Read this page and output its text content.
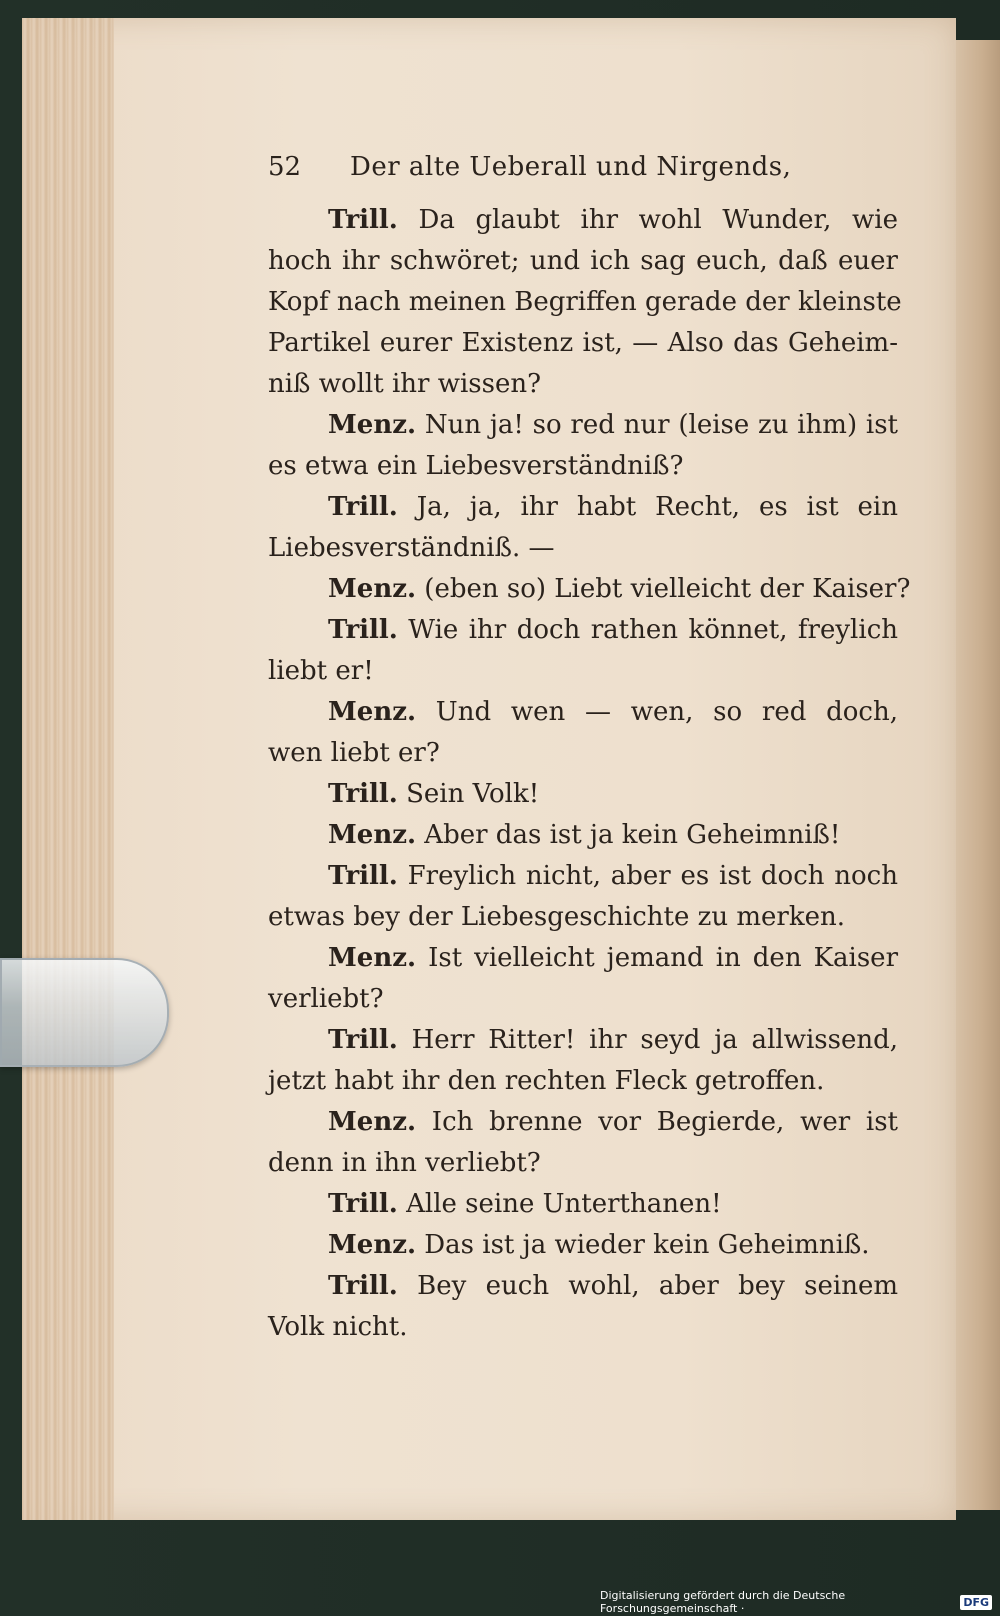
52 Der alte Ueberall und Nirgends,
Trill. Da glaubt ihr wohl Wunder, wie
hoch ihr schwöret; und ich sag euch, daß euer
Kopf nach meinen Begriffen gerade der kleinste
Partikel eurer Existenz ist, — Also das Geheim-
niß wollt ihr wissen?
Menz. Nun ja! so red nur (leise zu ihm) ist
es etwa ein Liebesverständniß?
Trill. Ja, ja, ihr habt Recht, es ist ein
Liebesverständniß. —
Menz. (eben so) Liebt vielleicht der Kaiser?
Trill. Wie ihr doch rathen könnet, freylich
liebt er!
Menz. Und wen — wen, so red doch,
wen liebt er?
Trill. Sein Volk!
Menz. Aber das ist ja kein Geheimniß!
Trill. Freylich nicht, aber es ist doch noch
etwas bey der Liebesgeschichte zu merken.
Menz. Ist vielleicht jemand in den Kaiser
verliebt?
Trill. Herr Ritter! ihr seyd ja allwissend,
jetzt habt ihr den rechten Fleck getroffen.
Menz. Ich brenne vor Begierde, wer ist
denn in ihn verliebt?
Trill. Alle seine Unterthanen!
Menz. Das ist ja wieder kein Geheimniß.
Trill. Bey euch wohl, aber bey seinem
Volk nicht.
Digitalisierung gefördert durch die Deutsche Forschungsgemeinschaft ·	DFG
